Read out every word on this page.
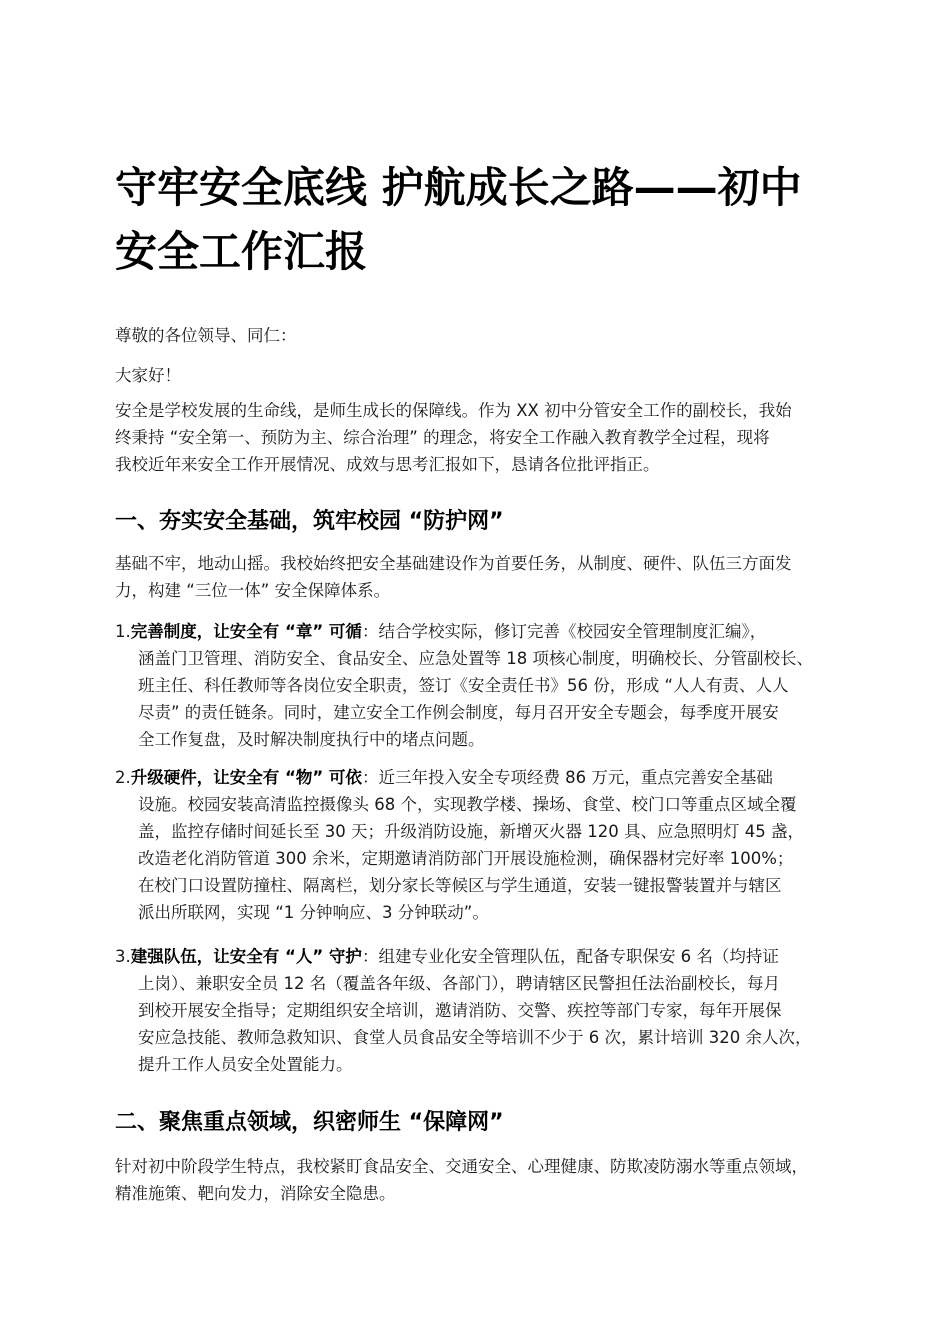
守牢安全底线 护航成长之路——初中
安全工作汇报

尊敬的各位领导、同仁：

大家好！

安全是学校发展的生命线，是师生成长的保障线。作为 XX 初中分管安全工作的副校长，我始
终秉持 “安全第一、预防为主、综合治理” 的理念，将安全工作融入教育教学全过程，现将
我校近年来安全工作开展情况、成效与思考汇报如下，恳请各位批评指正。

一、夯实安全基础，筑牢校园 “防护网”

基础不牢，地动山摇。我校始终把安全基础建设作为首要任务，从制度、硬件、队伍三方面发
力，构建 “三位一体” 安全保障体系。

1.完善制度，让安全有 “章” 可循：结合学校实际，修订完善《校园安全管理制度汇编》，
涵盖门卫管理、消防安全、食品安全、应急处置等 18 项核心制度，明确校长、分管副校长、
班主任、科任教师等各岗位安全职责，签订《安全责任书》56 份，形成 “人人有责、人人
尽责” 的责任链条。同时，建立安全工作例会制度，每月召开安全专题会，每季度开展安
全工作复盘，及时解决制度执行中的堵点问题。
2.升级硬件，让安全有 “物” 可依：近三年投入安全专项经费 86 万元，重点完善安全基础
设施。校园安装高清监控摄像头 68 个，实现教学楼、操场、食堂、校门口等重点区域全覆
盖，监控存储时间延长至 30 天；升级消防设施，新增灭火器 120 具、应急照明灯 45 盏，
改造老化消防管道 300 余米，定期邀请消防部门开展设施检测，确保器材完好率 100%；
在校门口设置防撞柱、隔离栏，划分家长等候区与学生通道，安装一键报警装置并与辖区
派出所联网，实现 “1 分钟响应、3 分钟联动”。
3.建强队伍，让安全有 “人” 守护：组建专业化安全管理队伍，配备专职保安 6 名（均持证
上岗）、兼职安全员 12 名（覆盖各年级、各部门），聘请辖区民警担任法治副校长，每月
到校开展安全指导；定期组织安全培训，邀请消防、交警、疾控等部门专家，每年开展保
安应急技能、教师急救知识、食堂人员食品安全等培训不少于 6 次，累计培训 320 余人次，
提升工作人员安全处置能力。
二、聚焦重点领域，织密师生 “保障网”

针对初中阶段学生特点，我校紧盯食品安全、交通安全、心理健康、防欺凌防溺水等重点领域，
精准施策、靶向发力，消除安全隐患。
